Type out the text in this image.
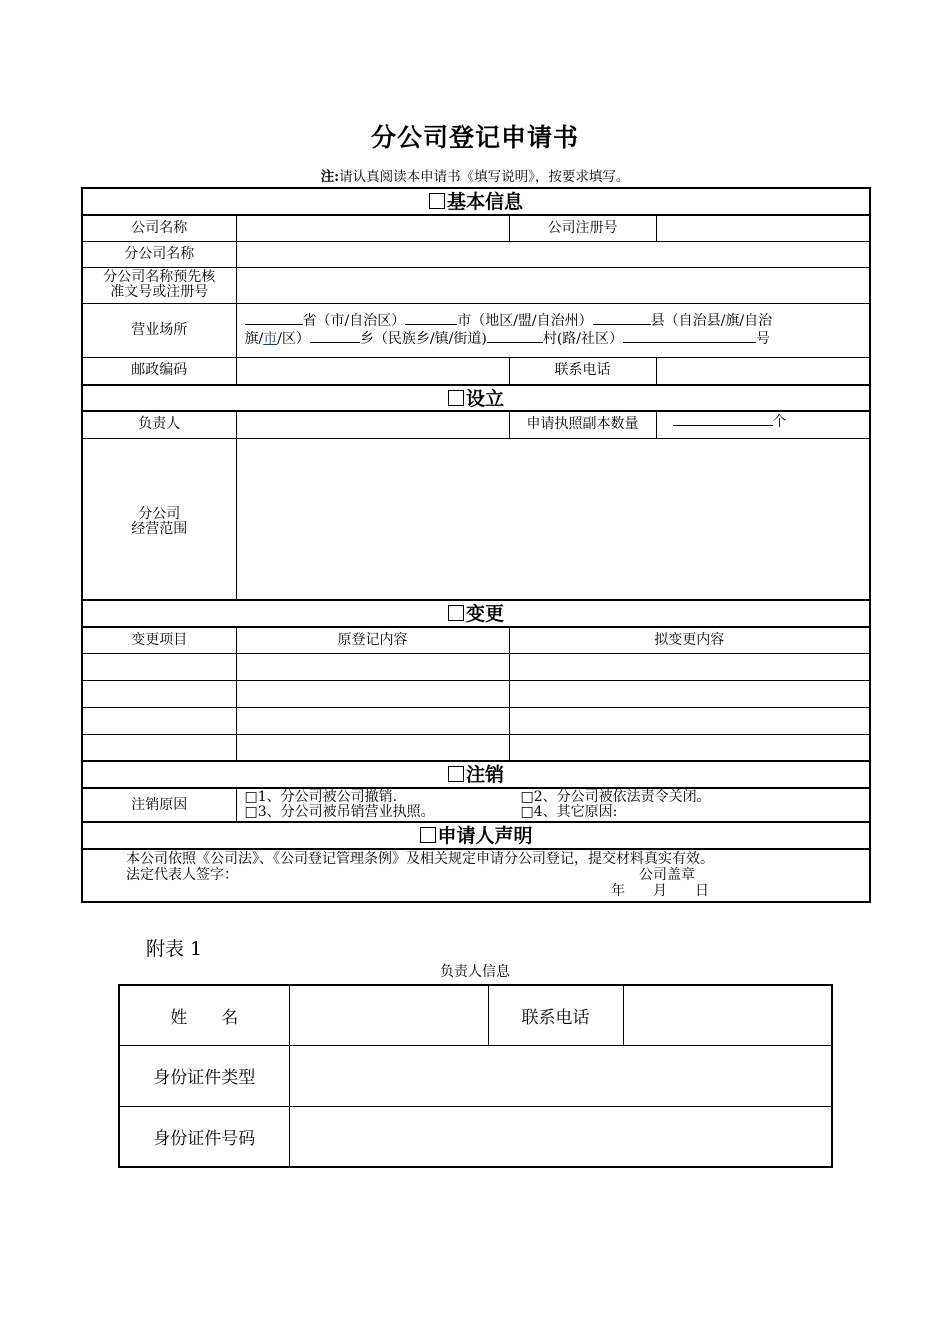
分公司登记申请书
注:请认真阅读本申请书《填写说明》，按要求填写。
基本信息			
公司名称		公司注册号	
分公司名称			
分公司名称预先核
准文号或注册号			
营业场所	省（市/自治区） 市（地区/盟/自治州） 县（自治县/旗/自治
旗/市/区） 乡（民族乡/镇/街道) 村(路/社区） 号		
邮政编码		联系电话	
设立			
负责人		申请执照副本数量	个
分公司
经营范围			
变更			
变更项目	原登记内容	拟变更内容	

注销			
注销原因	□1、分公司被公司撤销. □2、分公司被依法责令关闭。
□3、分公司被吊销营业执照。 □4、其它原因:		

申请人声明			

本公司依照《公司法》、《公司登记管理条例》及相关规定申请分公司登记，提交材料真实有效。
法定代表人签字： 公司盖章
年　　月　　日			
附表 1
负责人信息
姓　　名		联系电话	
身份证件类型			
身份证件号码			
